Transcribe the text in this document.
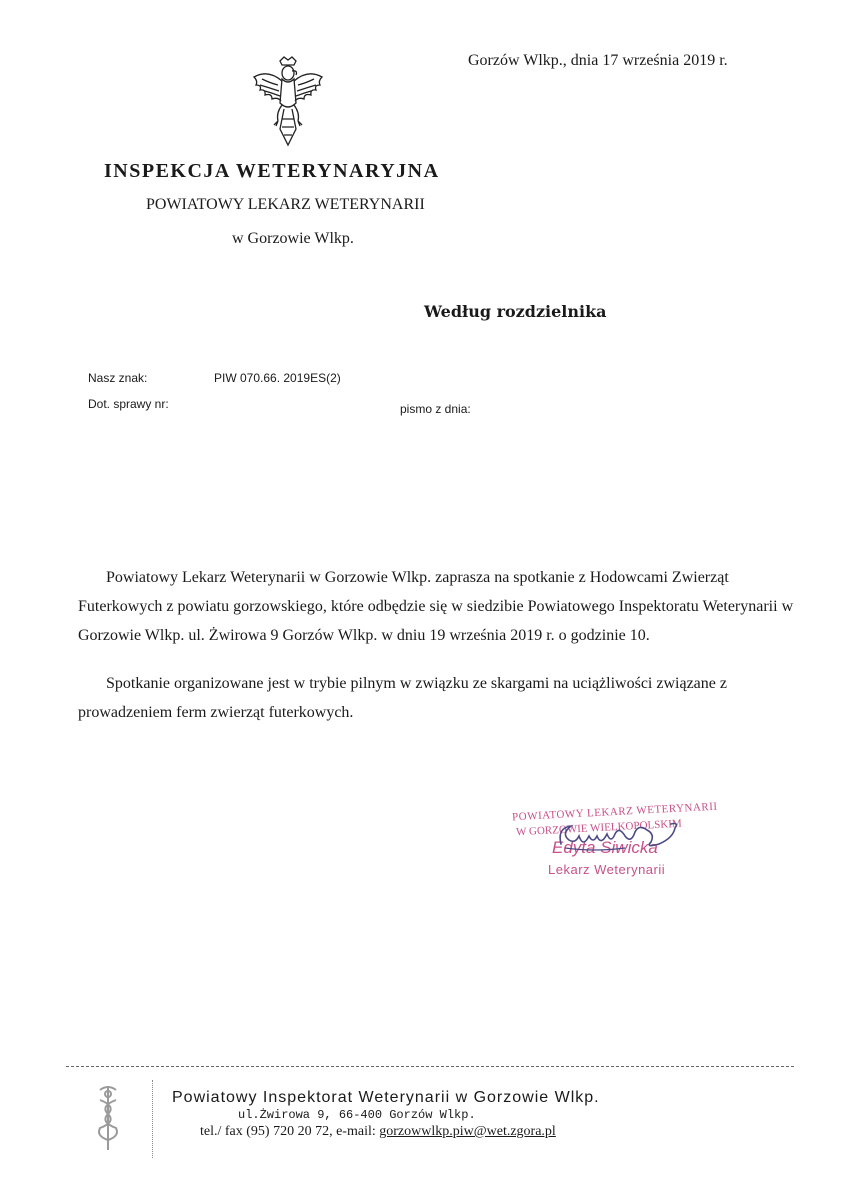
Gorzów Wlkp., dnia 17 września 2019 r.
INSPEKCJA WETERYNARYJNA
POWIATOWY LEKARZ WETERYNARII
w Gorzowie Wlkp.
Według rozdzielnika
Nasz znak:	PIW 070.66. 2019ES(2)
Dot. sprawy nr:	pismo z dnia:

Powiatowy Lekarz Weterynarii w Gorzowie Wlkp. zaprasza na spotkanie z Hodowcami Zwierząt Futerkowych z powiatu gorzowskiego, które odbędzie się w siedzibie Powiatowego Inspektoratu Weterynarii w Gorzowie Wlkp. ul. Żwirowa 9 Gorzów Wlkp. w dniu 19 września 2019 r. o godzinie 10.

Spotkanie organizowane jest w trybie pilnym w związku ze skargami na uciążliwości związane z prowadzeniem ferm zwierząt futerkowych.

POWIATOWY LEKARZ WETERYNARII
W GORZOWIE WIELKOPOLSKIM
Edyta Siwicka
Lekarz Weterynarii
Powiatowy Inspektorat Weterynarii w Gorzowie Wlkp.
ul.Żwirowa 9, 66-400 Gorzów Wlkp.
tel./ fax (95) 720 20 72, e-mail: gorzowwlkp.piw@wet.zgora.pl
